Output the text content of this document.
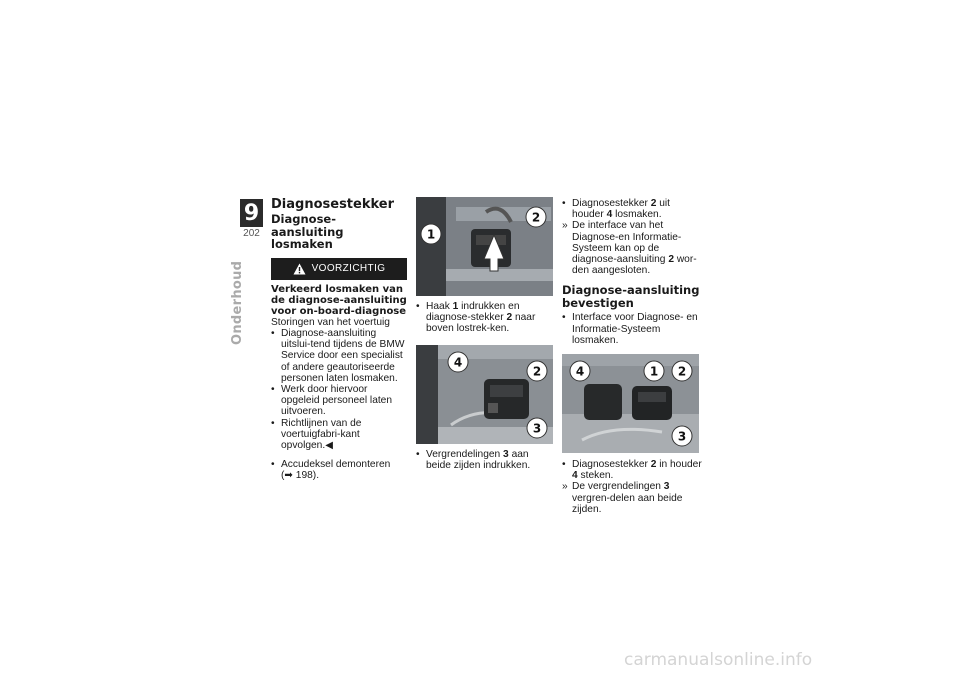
9
202
Onderhoud
Diagnosestekker
Diagnose-aansluiting losmaken
VOORZICHTIG
Verkeerd losmaken van de diagnose-aansluiting voor on-board-diagnose
Storingen van het voertuig
• Diagnose-aansluiting uitslui-tend tijdens de BMW Service door een specialist of andere geautoriseerde personen laten losmaken.
• Werk door hiervoor opgeleid personeel laten uitvoeren.
• Richtlijnen van de voertuigfabri-kant opvolgen.◀
• Accudeksel demonteren
(➡ 198).
1
2
• Haak 1 indrukken en diagnose-stekker 2 naar boven lostrek-ken.
4
2
3
• Vergrendelingen 3 aan beide zijden indrukken.
• Diagnosestekker 2 uit houder 4 losmaken.
» De interface van het Diagnose-en Informatie-Systeem kan op de diagnose-aansluiting 2 wor-den aangesloten.
Diagnose-aansluiting bevestigen
• Interface voor Diagnose- en Informatie-Systeem losmaken.
4	1 2
3
• Diagnosestekker 2 in houder 4 steken.
» De vergrendelingen 3 vergren-delen aan beide zijden.
carmanualsonline.info
